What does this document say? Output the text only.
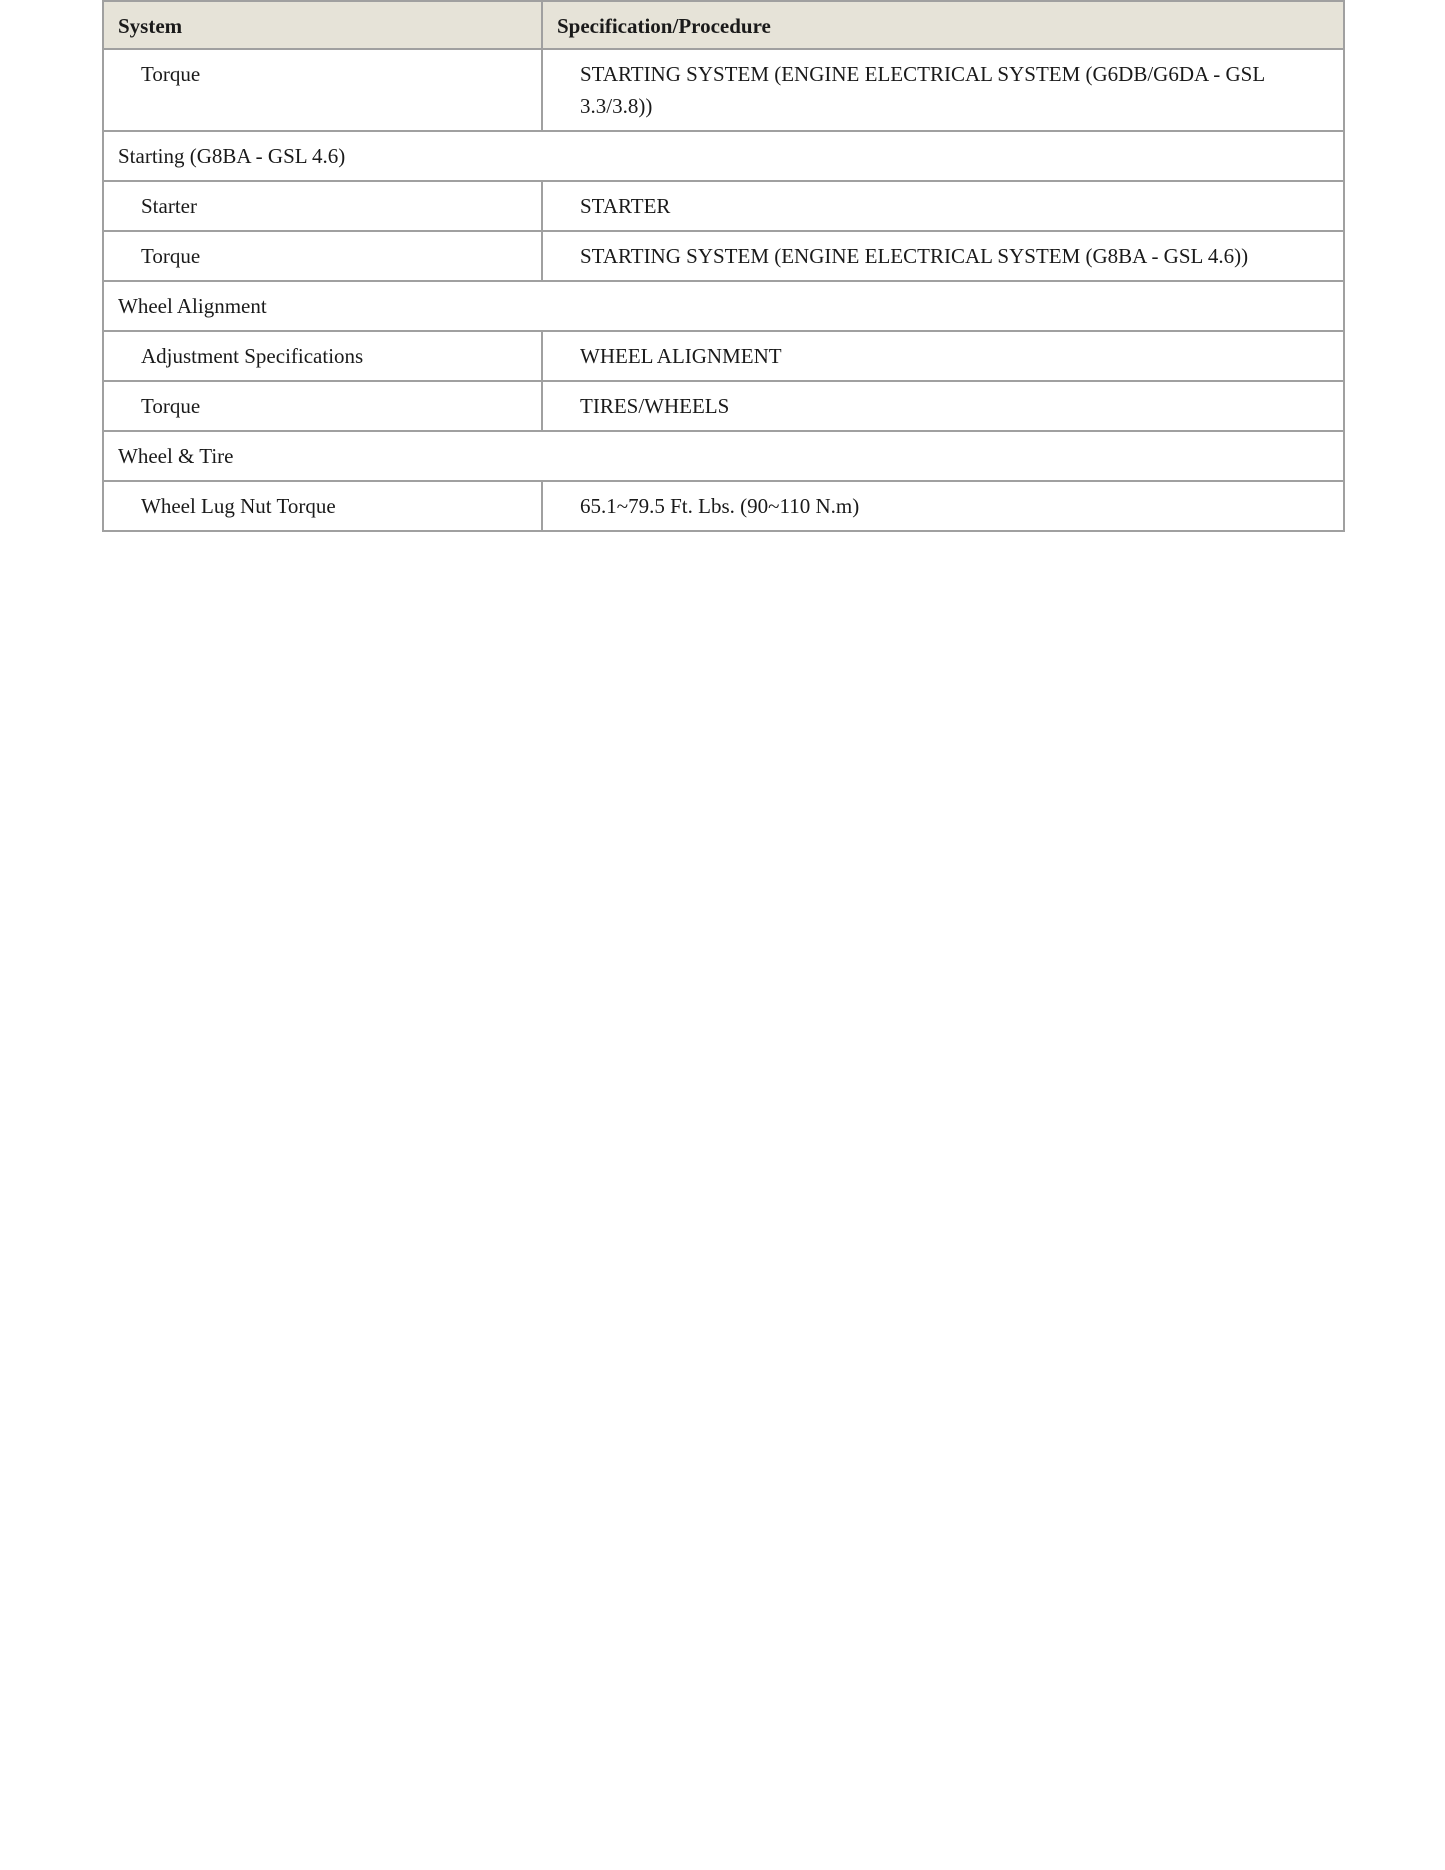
System	Specification/Procedure
Torque	STARTING SYSTEM (ENGINE ELECTRICAL SYSTEM (G6DB/G6DA - GSL 3.3/3.8))
Starting (G8BA - GSL 4.6)	
Starter	STARTER
Torque	STARTING SYSTEM (ENGINE ELECTRICAL SYSTEM (G8BA - GSL 4.6))
Wheel Alignment	
Adjustment Specifications	WHEEL ALIGNMENT
Torque	TIRES/WHEELS
Wheel & Tire	
Wheel Lug Nut Torque	65.1~79.5 Ft. Lbs. (90~110 N.m)
